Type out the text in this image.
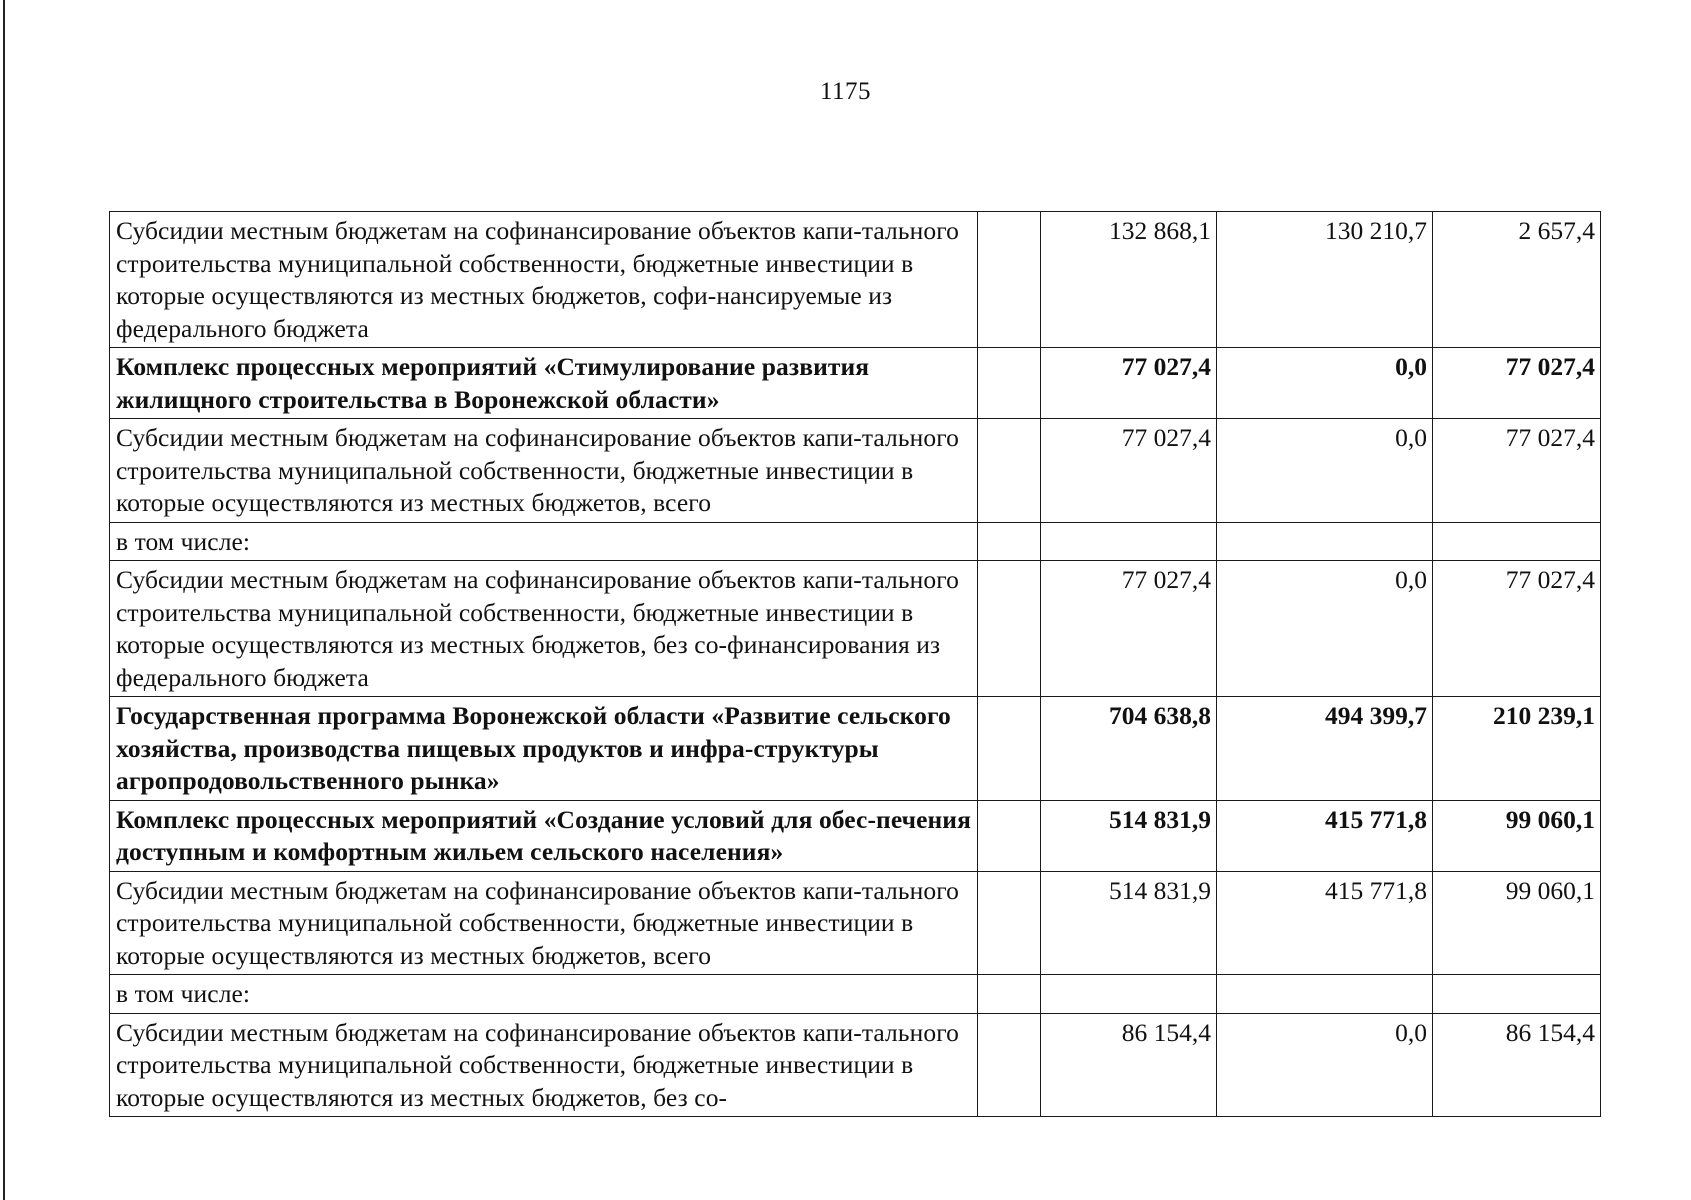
1175
Субсидии местным бюджетам на софинансирование объектов капи-тального строительства муниципальной собственности, бюджетные инвестиции в которые осуществляются из местных бюджетов, софи-нансируемые из федерального бюджета		132 868,1	130 210,7	2 657,4
Комплекс процессных мероприятий «Стимулирование развития жилищного строительства в Воронежской области»		77 027,4	0,0	77 027,4
Субсидии местным бюджетам на софинансирование объектов капи-тального строительства муниципальной собственности, бюджетные инвестиции в которые осуществляются из местных бюджетов, всего		77 027,4	0,0	77 027,4
в том числе:				
Субсидии местным бюджетам на софинансирование объектов капи-тального строительства муниципальной собственности, бюджетные инвестиции в которые осуществляются из местных бюджетов, без со-финансирования из федерального бюджета		77 027,4	0,0	77 027,4
Государственная программа Воронежской области «Развитие сельского хозяйства, производства пищевых продуктов и инфра-структуры агропродовольственного рынка»		704 638,8	494 399,7	210 239,1
Комплекс процессных мероприятий «Создание условий для обес-печения доступным и комфортным жильем сельского населения»		514 831,9	415 771,8	99 060,1
Субсидии местным бюджетам на софинансирование объектов капи-тального строительства муниципальной собственности, бюджетные инвестиции в которые осуществляются из местных бюджетов, всего		514 831,9	415 771,8	99 060,1
в том числе:				
Субсидии местным бюджетам на софинансирование объектов капи-тального строительства муниципальной собственности, бюджетные инвестиции в которые осуществляются из местных бюджетов, без со-		86 154,4	0,0	86 154,4
